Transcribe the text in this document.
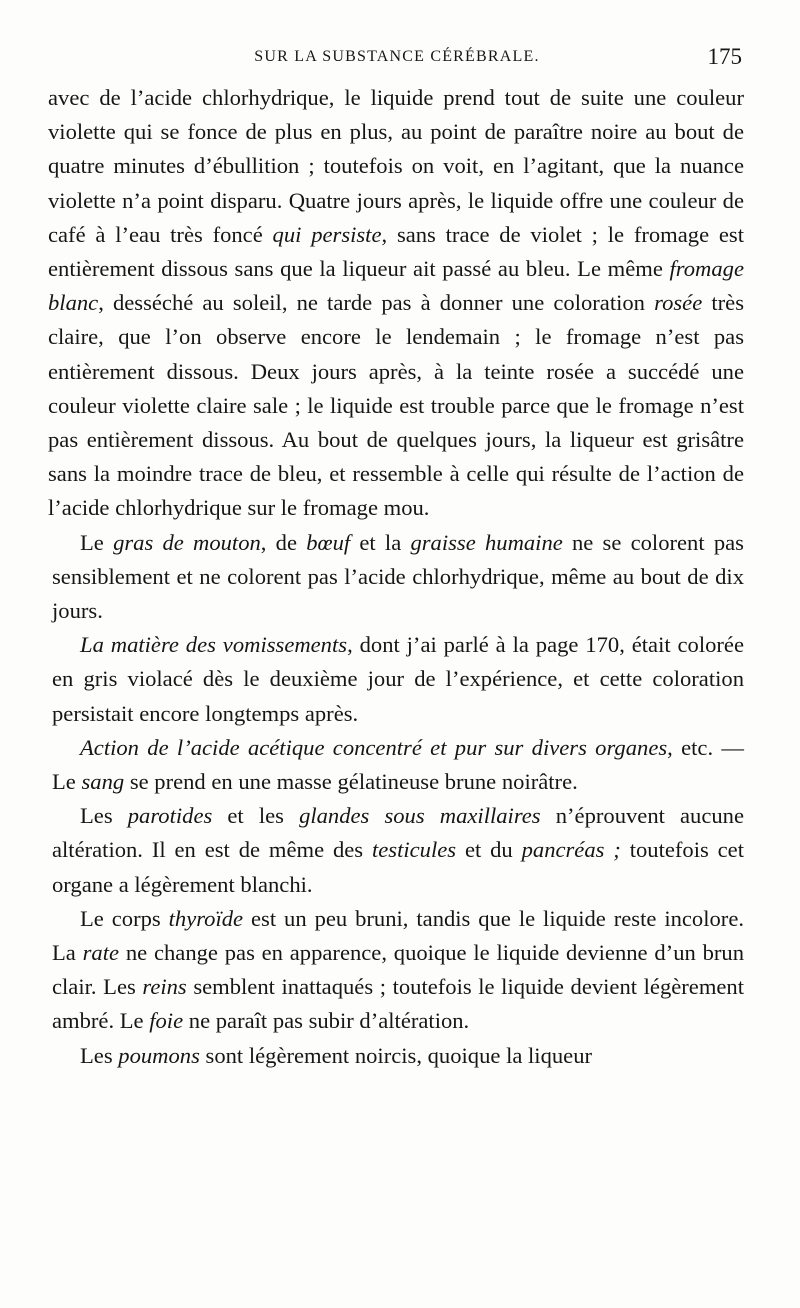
SUR LA SUBSTANCE CÉRÉBRALE.	175

avec de l’acide chlorhydrique, le liquide prend tout de suite une couleur violette qui se fonce de plus en plus, au point de paraître noire au bout de quatre minutes d’ébullition ; toutefois on voit, en l’agitant, que la nuance violette n’a point disparu. Quatre jours après, le liquide offre une couleur de café à l’eau très foncé qui persiste, sans trace de violet ; le fromage est entièrement dissous sans que la liqueur ait passé au bleu. Le même fromage blanc, desséché au soleil, ne tarde pas à donner une coloration rosée très claire, que l’on observe encore le lendemain ; le fromage n’est pas entièrement dissous. Deux jours après, à la teinte rosée a succédé une couleur violette claire sale ; le liquide est trouble parce que le fromage n’est pas entièrement dissous. Au bout de quelques jours, la liqueur est grisâtre sans la moindre trace de bleu, et ressemble à celle qui résulte de l’action de l’acide chlorhydrique sur le fromage mou.

Le gras de mouton, de bœuf et la graisse humaine ne se colorent pas sensiblement et ne colorent pas l’acide chlorhydrique, même au bout de dix jours.

La matière des vomissements, dont j’ai parlé à la page 170, était colorée en gris violacé dès le deuxième jour de l’expérience, et cette coloration persistait encore longtemps après.

Action de l’acide acétique concentré et pur sur divers organes, etc. — Le sang se prend en une masse gélatineuse brune noirâtre.

Les parotides et les glandes sous maxillaires n’éprouvent aucune altération. Il en est de même des testicules et du pancréas ; toutefois cet organe a légèrement blanchi.

Le corps thyroïde est un peu bruni, tandis que le liquide reste incolore. La rate ne change pas en apparence, quoique le liquide devienne d’un brun clair. Les reins semblent inattaqués ; toutefois le liquide devient légèrement ambré. Le foie ne paraît pas subir d’altération.

Les poumons sont légèrement noircis, quoique la liqueur
